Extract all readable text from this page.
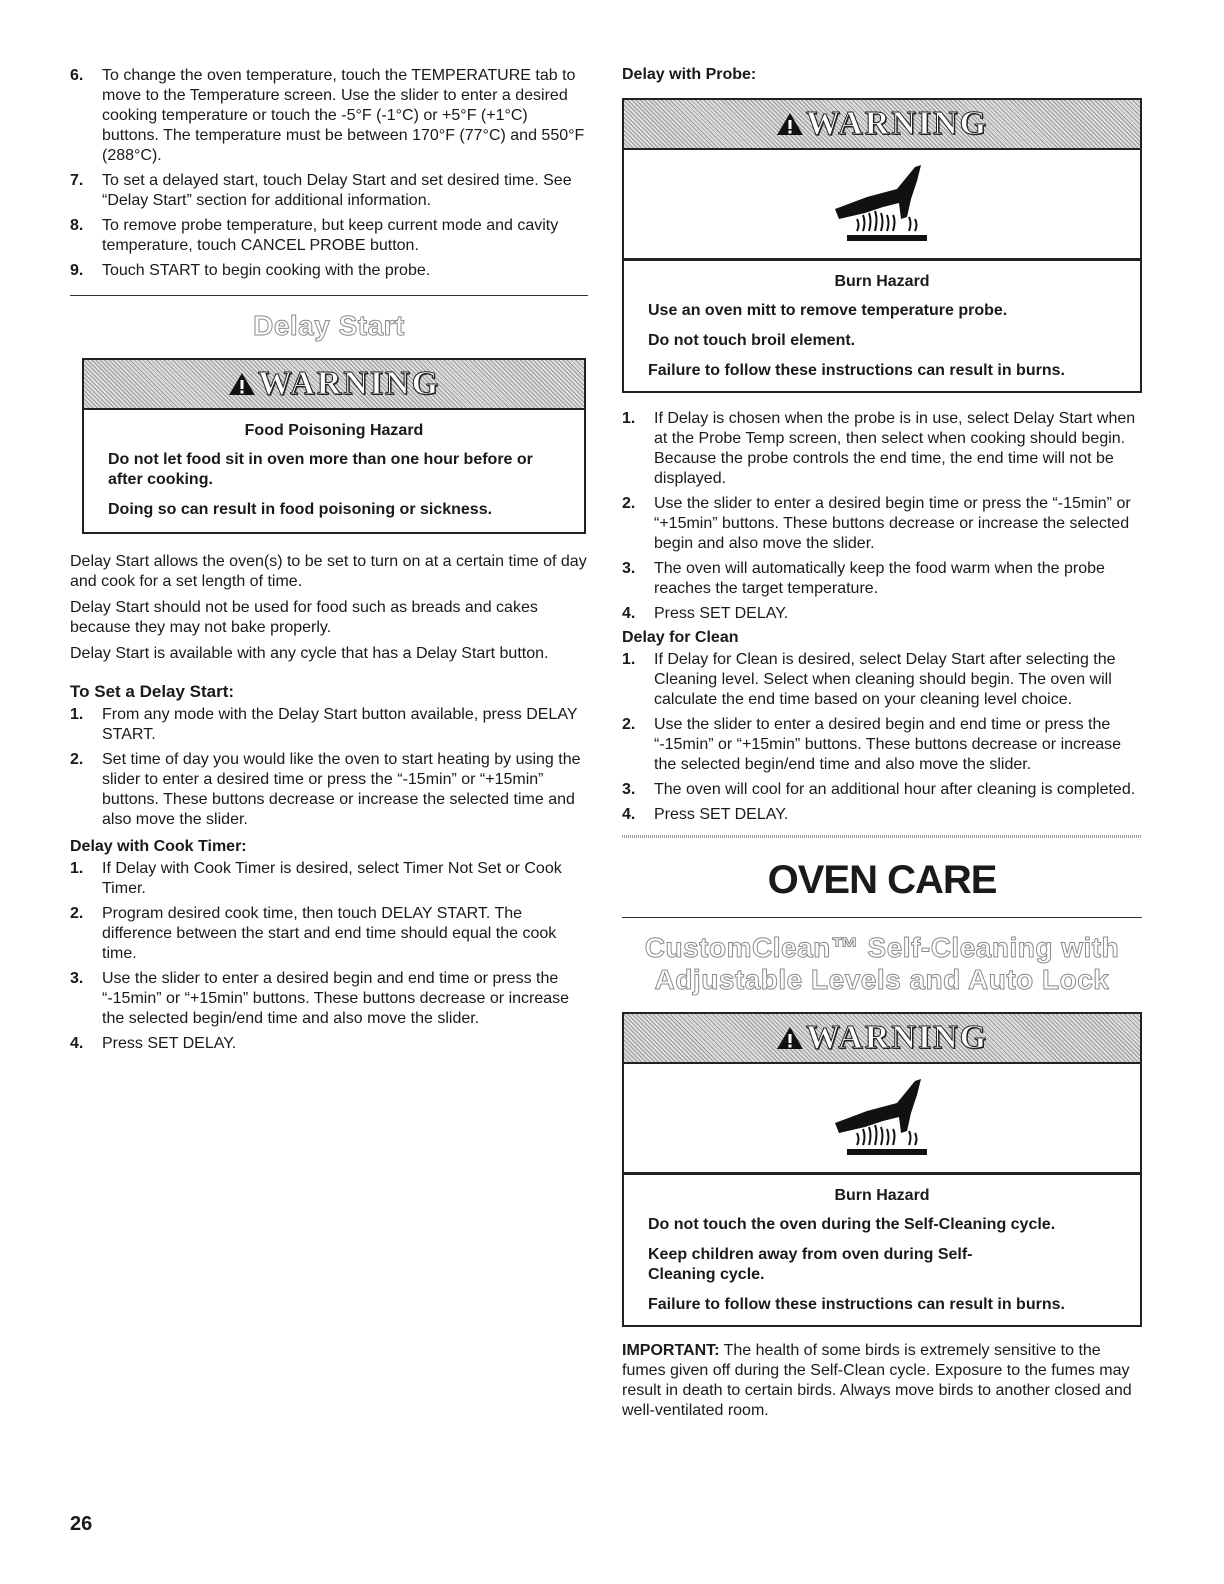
6. To change the oven temperature, touch the TEMPERATURE tab to move to the Temperature screen. Use the slider to enter a desired cooking temperature or touch the -5°F (-1°C) or +5°F (+1°C) buttons. The temperature must be between 170°F (77°C) and 550°F (288°C).
7. To set a delayed start, touch Delay Start and set desired time. See “Delay Start” section for additional information.
8. To remove probe temperature, but keep current mode and cavity temperature, touch CANCEL PROBE button.
9. Touch START to begin cooking with the probe.
Delay Start
WARNING
Food Poisoning Hazard

Do not let food sit in oven more than one hour before or after cooking.

Doing so can result in food poisoning or sickness.

Delay Start allows the oven(s) to be set to turn on at a certain time of day and cook for a set length of time.

Delay Start should not be used for food such as breads and cakes because they may not bake properly.

Delay Start is available with any cycle that has a Delay Start button.

To Set a Delay Start:
1. From any mode with the Delay Start button available, press DELAY START.
2. Set time of day you would like the oven to start heating by using the slider to enter a desired time or press the “-15min” or “+15min” buttons. These buttons decrease or increase the selected time and also move the slider.
Delay with Cook Timer:
1. If Delay with Cook Timer is desired, select Timer Not Set or Cook Timer.
2. Program desired cook time, then touch DELAY START. The difference between the start and end time should equal the cook time.
3. Use the slider to enter a desired begin and end time or press the “-15min” or “+15min” buttons. These buttons decrease or increase the selected begin/end time and also move the slider.
4. Press SET DELAY.
Delay with Probe:
WARNING
Burn Hazard

Use an oven mitt to remove temperature probe.

Do not touch broil element.

Failure to follow these instructions can result in burns.

1. If Delay is chosen when the probe is in use, select Delay Start when at the Probe Temp screen, then select when cooking should begin. Because the probe controls the end time, the end time will not be displayed.
2. Use the slider to enter a desired begin time or press the “-15min” or “+15min” buttons. These buttons decrease or increase the selected begin and also move the slider.
3. The oven will automatically keep the food warm when the probe reaches the target temperature.
4. Press SET DELAY.
Delay for Clean
1. If Delay for Clean is desired, select Delay Start after selecting the Cleaning level. Select when cleaning should begin. The oven will calculate the end time based on your cleaning level choice.
2. Use the slider to enter a desired begin and end time or press the “-15min” or “+15min” buttons. These buttons decrease or increase the selected begin/end time and also move the slider.
3. The oven will cool for an additional hour after cleaning is completed.
4. Press SET DELAY.
OVEN CARE
CustomClean™ Self-Cleaning with
Adjustable Levels and Auto Lock
WARNING
Burn Hazard

Do not touch the oven during the Self-Cleaning cycle.

Keep children away from oven during Self-Cleaning cycle.

Failure to follow these instructions can result in burns.

IMPORTANT: The health of some birds is extremely sensitive to the fumes given off during the Self-Clean cycle. Exposure to the fumes may result in death to certain birds. Always move birds to another closed and well-ventilated room.

26
